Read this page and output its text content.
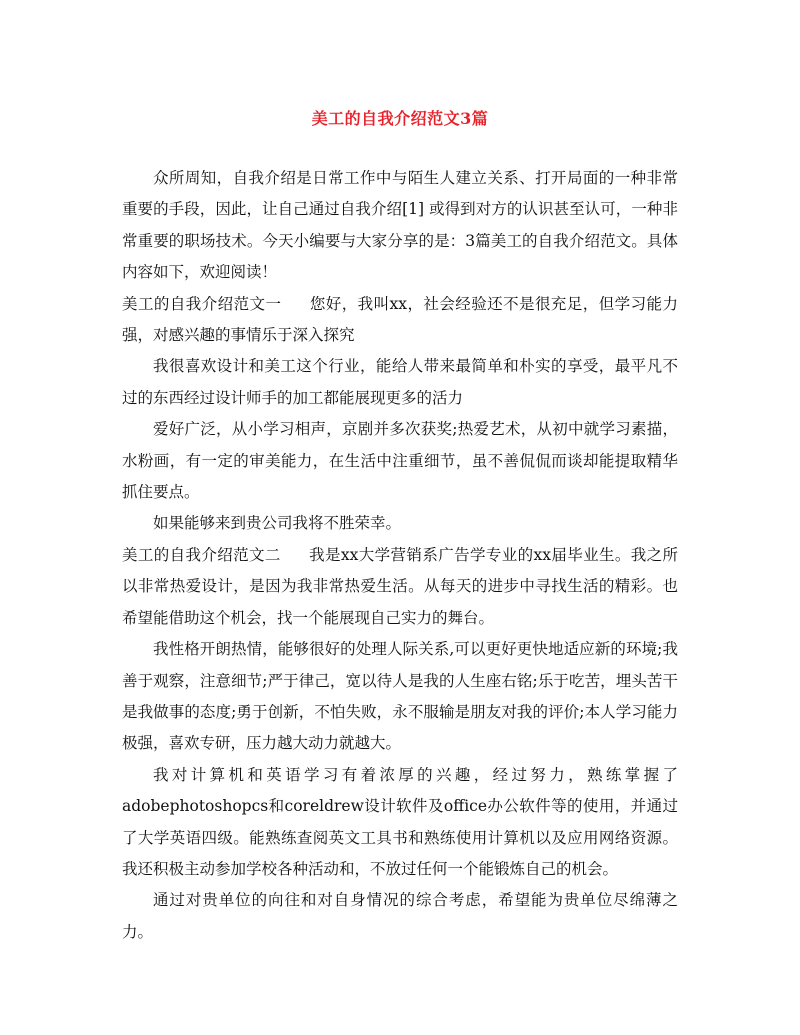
美工的自我介绍范文3篇

众所周知，自我介绍是日常工作中与陌生人建立关系、打开局面的一种非常重要的手段，因此，让自己通过自我介绍[1] 或得到对方的认识甚至认可，一种非常重要的职场技术。今天小编要与大家分享的是：3篇美工的自我介绍范文。具体内容如下，欢迎阅读！

美工的自我介绍范文一 您好，我叫xx，社会经验还不是很充足，但学习能力强，对感兴趣的事情乐于深入探究

我很喜欢设计和美工这个行业，能给人带来最简单和朴实的享受，最平凡不过的东西经过设计师手的加工都能展现更多的活力

爱好广泛，从小学习相声，京剧并多次获奖;热爱艺术，从初中就学习素描，水粉画，有一定的审美能力，在生活中注重细节，虽不善侃侃而谈却能提取精华抓住要点。

如果能够来到贵公司我将不胜荣幸。

美工的自我介绍范文二 我是xx大学营销系广告学专业的xx届毕业生。我之所以非常热爱设计，是因为我非常热爱生活。从每天的进步中寻找生活的精彩。也希望能借助这个机会，找一个能展现自己实力的舞台。

我性格开朗热情，能够很好的处理人际关系,可以更好更快地适应新的环境;我善于观察，注意细节;严于律己，宽以待人是我的人生座右铭;乐于吃苦，埋头苦干是我做事的态度;勇于创新，不怕失败，永不服输是朋友对我的评价;本人学习能力极强，喜欢专研，压力越大动力就越大。

我对计算机和英语学习有着浓厚的兴趣，经过努力，熟练掌握了adobephotoshopcs和coreldrew设计软件及office办公软件等的使用，并通过了大学英语四级。能熟练查阅英文工具书和熟练使用计算机以及应用网络资源。我还积极主动参加学校各种活动和，不放过任何一个能锻炼自己的机会。

通过对贵单位的向往和对自身情况的综合考虑，希望能为贵单位尽绵薄之力。
